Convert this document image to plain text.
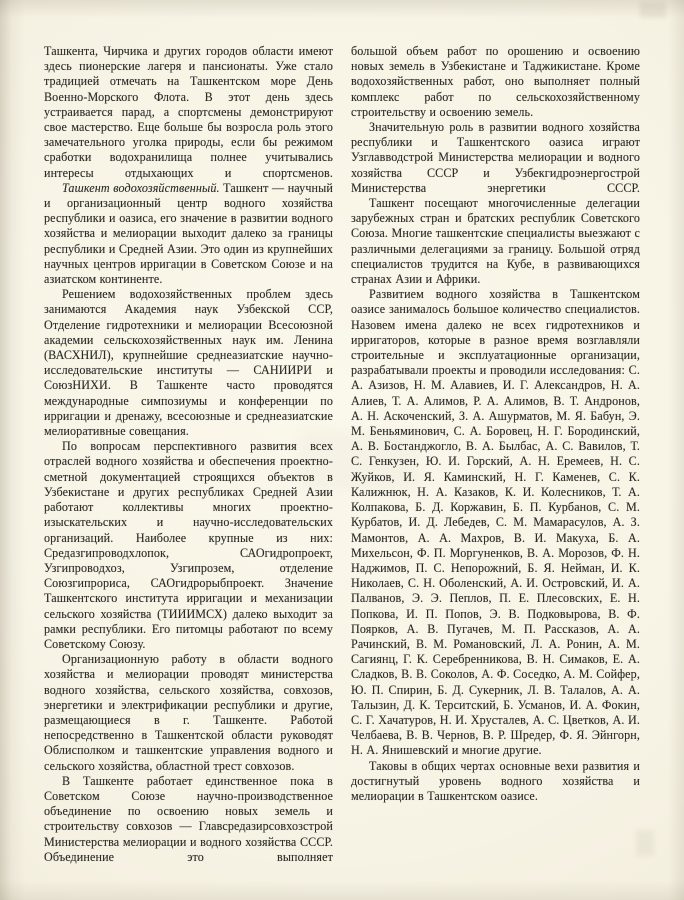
Ташкента, Чирчика и других городов области имеют здесь пионерские лагеря и пансионаты. Уже стало традицией отмечать на Ташкентском море День Военно-Морского Флота. В этот день здесь устраивается парад, а спортсмены демонстрируют свое мастерство. Еще больше бы возросла роль этого замечательного уголка природы, если бы режимом сработки водохранилища полнее учитывались интересы отдыхающих и спортсменов.

Ташкент водохозяйственный. Ташкент — научный и организационный центр водного хозяйства республики и оазиса, его значение в развитии водного хозяйства и мелиорации выходит далеко за границы республики и Средней Азии. Это один из крупнейших научных центров ирригации в Советском Союзе и на азиатском континенте.

Решением водохозяйственных проблем здесь занимаются Академия наук Узбекской ССР, Отделение гидротехники и мелиорации Всесоюзной академии сельскохозяйственных наук им. Ленина (ВАСХНИЛ), крупнейшие среднеазиатские научно-исследовательские институты — САНИИРИ и СоюзНИХИ. В Ташкенте часто проводятся международные симпозиумы и конференции по ирригации и дренажу, всесоюзные и среднеазиатские мелиоративные совещания.

По вопросам перспективного развития всех отраслей водного хозяйства и обеспечения проектно-сметной документацией строящихся объектов в Узбекистане и других республиках Средней Азии работают коллективы многих проектно-изыскательских и научно-исследовательских организаций. Наиболее крупные из них: Средазгипроводхлопок, САОгидропроект, Узгипроводхоз, Узгипрозем, отделение Союзгипрориса, САОгидрорыбпроект. Значение Ташкентского института ирригации и механизации сельского хозяйства (ТИИИМСХ) далеко выходит за рамки республики. Его питомцы работают по всему Советскому Союзу.

Организационную работу в области водного хозяйства и мелиорации проводят министерства водного хозяйства, сельского хозяйства, совхозов, энергетики и электрификации республики и другие, размещающиеся в г. Ташкенте. Работой непосредственно в Ташкентской области руководят Облисполком и ташкентские управления водного и сельского хозяйства, областной трест совхозов.

В Ташкенте работает единственное пока в Советском Союзе научно-производственное объединение по освоению новых земель и строительству совхозов — Главсредазирсовхозстрой Министерства мелиорации и водного хозяйства СССР. Объединение это выполняет

большой объем работ по орошению и освоению новых земель в Узбекистане и Таджикистане. Кроме водохозяйственных работ, оно выполняет полный комплекс работ по сельскохозяйственному строительству и освоению земель.

Значительную роль в развитии водного хозяйства республики и Ташкентского оазиса играют Узглавводстрой Министерства мелиорации и водного хозяйства СССР и Узбекгидроэнергострой Министерства энергетики СССР.

Ташкент посещают многочисленные делегации зарубежных стран и братских республик Советского Союза. Многие ташкентские специалисты выезжают с различными делегациями за границу. Большой отряд специалистов трудится на Кубе, в развивающихся странах Азии и Африки.

Развитием водного хозяйства в Ташкентском оазисе занималось большое количество специалистов. Назовем имена далеко не всех гидротехников и ирригаторов, которые в разное время возглавляли строительные и эксплуатационные организации, разрабатывали проекты и проводили исследования: С. А. Азизов, Н. М. Алавиев, И. Г. Александров, Н. А. Алиев, Т. А. Алимов, Р. А. Алимов, В. Т. Андронов, А. Н. Аскоченский, З. А. Ашурматов, М. Я. Бабун, Э. М. Беньяминович, С. А. Боровец, Н. Г. Бородинский, А. В. Бостанджогло, В. А. Былбас, А. С. Вавилов, Т. С. Генкузен, Ю. И. Горский, А. Н. Еремеев, Н. С. Жуйков, И. Я. Каминский, Н. Г. Каменев, С. К. Калижнюк, Н. А. Казаков, К. И. Колесников, Т. А. Колпакова, Б. Д. Коржавин, Б. П. Курбанов, С. М. Курбатов, И. Д. Лебедев, С. М. Мамарасулов, А. З. Мамонтов, А. А. Махров, В. И. Макуха, Б. А. Михельсон, Ф. П. Моргуненков, В. А. Морозов, Ф. Н. Наджимов, П. С. Непорожний, Б. Я. Нейман, И. К. Николаев, С. Н. Оболенский, А. И. Островский, И. А. Палванов, Э. Э. Пеплов, П. Е. Плесовских, Е. Н. Попкова, И. П. Попов, Э. В. Подковырова, В. Ф. Поярков, А. В. Пугачев, М. П. Рассказов, А. А. Рачинский, В. М. Романовский, Л. А. Ронин, А. М. Сагиянц, Г. К. Серебренникова, В. Н. Симаков, Е. А. Сладков, В. В. Соколов, А. Ф. Соседко, А. М. Сойфер, Ю. П. Спирин, Б. Д. Сукерник, Л. В. Талалов, А. А. Талызин, Д. К. Терситский, Б. Усманов, И. А. Фокин, С. Г. Хачатуров, Н. И. Хрусталев, А. С. Цветков, А. И. Челбаева, В. В. Чернов, В. Р. Шредер, Ф. Я. Эйнгорн, Н. А. Янишевский и многие другие.

Таковы в общих чертах основные вехи развития и достигнутый уровень водного хозяйства и мелиорации в Ташкентском оазисе.
